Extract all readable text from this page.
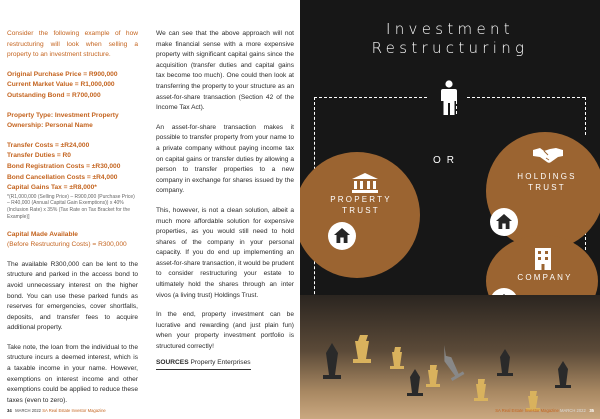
Consider the following example of how restructuring will look when selling a property to an investment structure.

Original Purchase Price = R900,000

Current Market Value = R1,000,000

Outstanding Bond = R700,000

Property Type: Investment Property

Ownership: Personal Name

Transfer Costs = ±R24,000

Transfer Duties = R0

Bond Registration Costs = ±R30,000

Bond Cancellation Costs = ±R4,000

Capital Gains Tax = ±R8,000*

*(R1,000,000 (Selling Price) – R900,000 (Purchase Price) – R40,000 (Annual Capital Gain Exemptions)) x 40% (Inclusion Rate) x 35% (Tax Rate on Tax Bracket for the Example)]

Capital Made Available

(Before Restructuring Costs) = R300,000

The available R300,000 can be lent to the structure and parked in the access bond to avoid unnecessary interest on the higher bond. You can use these parked funds as reserves for emergencies, cover shortfalls, deposits, and transfer fees to acquire additional property.

Take note, the loan from the individual to the structure incurs a deemed interest, which is a taxable income in your name. However, exemptions on interest income and other exemptions could be applied to reduce these taxes (even to zero).

We can see that the above approach will not make financial sense with a more expensive property with significant capital gains since the acquisition (transfer duties and capital gains tax become too much). One could then look at transferring the property to your structure as an asset-for-share transaction (Section 42 of the Income Tax Act).

An asset-for-share transaction makes it possible to transfer property from your name to a private company without paying income tax on capital gains or transfer duties by allowing a person to transfer properties to a new company in exchange for shares issued by the company.

This, however, is not a clean solution, albeit a much more affordable solution for expensive properties, as you would still need to hold shares of the company in your personal capacity. If you do end up implementing an asset-for-share transaction, it would be prudent to consider restructuring your estate to ultimately hold the shares through an inter vivos (a living trust) Holdings Trust.

In the end, property investment can be lucrative and rewarding (and just plain fun) when your property investment portfolio is structured correctly!

SOURCES Property Enterprises

Investment
Restructuring
OR
PROPERTY
TRUST
HOLDINGS
TRUST
COMPANY
34 MARCH 2022 SA Real Estate Investor Magazine	SA Real Estate Investor Magazine MARCH 2022 35
